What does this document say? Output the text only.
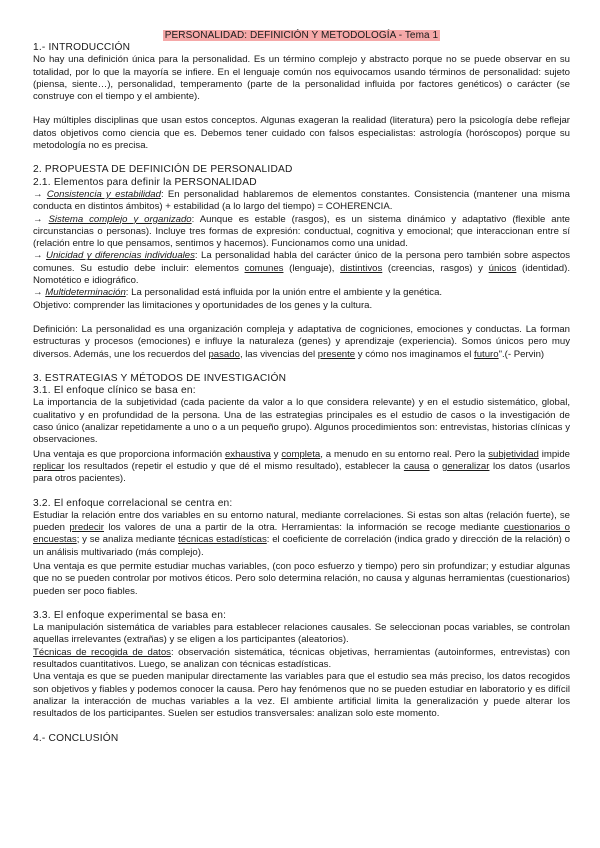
PERSONALIDAD: DEFINICIÓN Y METODOLOGÍA - Tema 1
1.- INTRODUCCIÓN

No hay una definición única para la personalidad. Es un término complejo y abstracto porque no se puede observar en su totalidad, por lo que la mayoría se infiere. En el lenguaje común nos equivocamos usando términos de personalidad: sujeto (piensa, siente…), personalidad, temperamento (parte de la personalidad influida por factores genéticos) o carácter (se construye con el tiempo y el ambiente).

Hay múltiples disciplinas que usan estos conceptos. Algunas exageran la realidad (literatura) pero la psicología debe reflejar datos objetivos como ciencia que es. Debemos tener cuidado con falsos especialistas: astrología (horóscopos) porque su metodología no es precisa.

2. PROPUESTA DE DEFINICIÓN DE PERSONALIDAD
2.1. Elementos para definir la PERSONALIDAD

→ Consistencia y estabilidad: En personalidad hablaremos de elementos constantes. Consistencia (mantener una misma conducta en distintos ámbitos) + estabilidad (a lo largo del tiempo) = COHERENCIA.

→ Sistema complejo y organizado: Aunque es estable (rasgos), es un sistema dinámico y adaptativo (flexible ante circunstancias o personas). Incluye tres formas de expresión: conductual, cognitiva y emocional; que interaccionan entre sí (relación entre lo que pensamos, sentimos y hacemos). Funcionamos como una unidad.

→ Unicidad y diferencias individuales: La personalidad habla del carácter único de la persona pero también sobre aspectos comunes. Su estudio debe incluir: elementos comunes (lenguaje), distintivos (creencias, rasgos) y únicos (identidad). Nomotético e idiográfico.

→ Multideterminación: La personalidad está influida por la unión entre el ambiente y la genética.

Objetivo: comprender las limitaciones y oportunidades de los genes y la cultura.

Definición: La personalidad es una organización compleja y adaptativa de cogniciones, emociones y conductas. La forman estructuras y procesos (emociones) e influye la naturaleza (genes) y aprendizaje (experiencia). Somos únicos pero muy diversos. Además, une los recuerdos del pasado, las vivencias del presente y cómo nos imaginamos el futuro".(- Pervin)

3. ESTRATEGIAS Y MÉTODOS DE INVESTIGACIÓN
3.1. El enfoque clínico se basa en:

La importancia de la subjetividad (cada paciente da valor a lo que considera relevante) y en el estudio sistemático, global, cualitativo y en profundidad de la persona. Una de las estrategias principales es el estudio de casos o la investigación de caso único (analizar repetidamente a uno o a un pequeño grupo). Algunos procedimientos son: entrevistas, historias clínicas y observaciones.

Una ventaja es que proporciona información exhaustiva y completa, a menudo en su entorno real. Pero la subjetividad impide replicar los resultados (repetir el estudio y que dé el mismo resultado), establecer la causa o generalizar los datos (usarlos para otros pacientes).

3.2. El enfoque correlacional se centra en:

Estudiar la relación entre dos variables en su entorno natural, mediante correlaciones. Si estas son altas (relación fuerte), se pueden predecir los valores de una a partir de la otra. Herramientas: la información se recoge mediante cuestionarios o encuestas; y se analiza mediante técnicas estadísticas: el coeficiente de correlación (indica grado y dirección de la relación) o un análisis multivariado (más complejo).

Una ventaja es que permite estudiar muchas variables, (con poco esfuerzo y tiempo) pero sin profundizar; y estudiar algunas que no se pueden controlar por motivos éticos. Pero solo determina relación, no causa y algunas herramientas (cuestionarios) pueden ser poco fiables.

3.3. El enfoque experimental se basa en:

La manipulación sistemática de variables para establecer relaciones causales. Se seleccionan pocas variables, se controlan aquellas irrelevantes (extrañas) y se eligen a los participantes (aleatorios).

Técnicas de recogida de datos: observación sistemática, técnicas objetivas, herramientas (autoinformes, entrevistas) con resultados cuantitativos. Luego, se analizan con técnicas estadísticas.

Una ventaja es que se pueden manipular directamente las variables para que el estudio sea más preciso, los datos recogidos son objetivos y fiables y podemos conocer la causa. Pero hay fenómenos que no se pueden estudiar en laboratorio y es difícil analizar la interacción de muchas variables a la vez. El ambiente artificial limita la generalización y puede alterar los resultados de los participantes. Suelen ser estudios transversales: analizan solo este momento.

4.- CONCLUSIÓN
